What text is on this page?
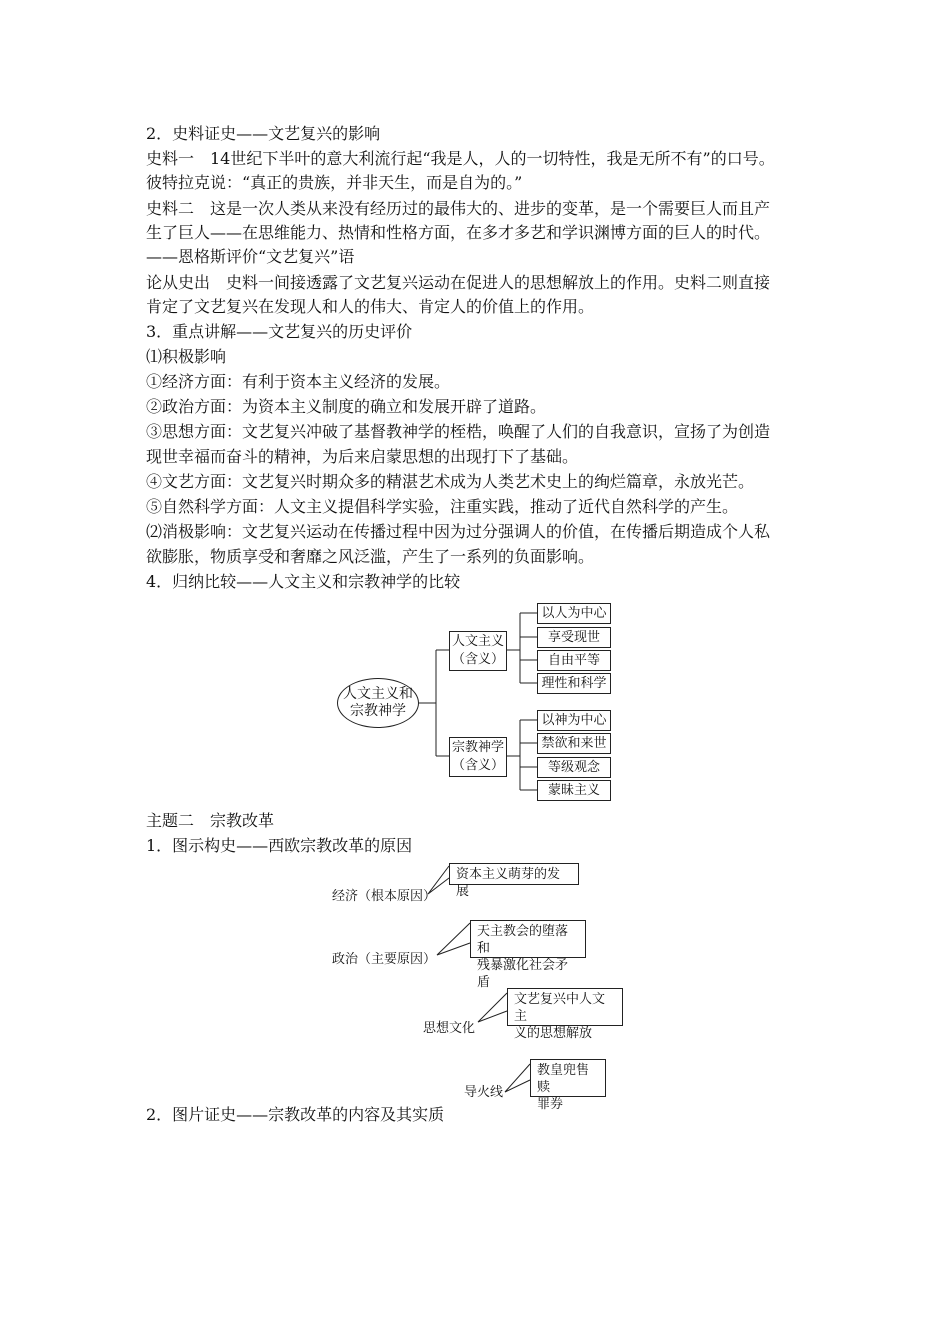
2．史料证史——文艺复兴的影响
史料一　14世纪下半叶的意大利流行起“我是人，人的一切特性，我是无所不有”的口号。
彼特拉克说：“真正的贵族，并非天生，而是自为的。”
史料二　这是一次人类从来没有经历过的最伟大的、进步的变革，是一个需要巨人而且产
生了巨人——在思维能力、热情和性格方面，在多才多艺和学识渊博方面的巨人的时代。
——恩格斯评价“文艺复兴”语
论从史出　史料一间接透露了文艺复兴运动在促进人的思想解放上的作用。史料二则直接
肯定了文艺复兴在发现人和人的伟大、肯定人的价值上的作用。
3．重点讲解——文艺复兴的历史评价
⑴积极影响
①经济方面：有利于资本主义经济的发展。
②政治方面：为资本主义制度的确立和发展开辟了道路。
③思想方面：文艺复兴冲破了基督教神学的桎梏，唤醒了人们的自我意识，宣扬了为创造
现世幸福而奋斗的精神，为后来启蒙思想的出现打下了基础。
④文艺方面：文艺复兴时期众多的精湛艺术成为人类艺术史上的绚烂篇章，永放光芒。
⑤自然科学方面：人文主义提倡科学实验，注重实践，推动了近代自然科学的产生。
⑵消极影响：文艺复兴运动在传播过程中因为过分强调人的价值，在传播后期造成个人私
欲膨胀，物质享受和奢靡之风泛滥，产生了一系列的负面影响。
4．归纳比较——人文主义和宗教神学的比较
人文主义和
宗教神学
人文主义
（含义）
宗教神学
（含义）
以人为中心
享受现世
自由平等
理性和科学
以神为中心
禁欲和来世
等级观念
蒙昧主义
主题二　宗教改革
1．图示构史——西欧宗教改革的原因
经济（根本原因）
资本主义萌芽的发展
政治（主要原因）
天主教会的堕落和
残暴激化社会矛盾
思想文化
文艺复兴中人文主
义的思想解放
导火线
教皇兜售赎
罪券
2．图片证史——宗教改革的内容及其实质
